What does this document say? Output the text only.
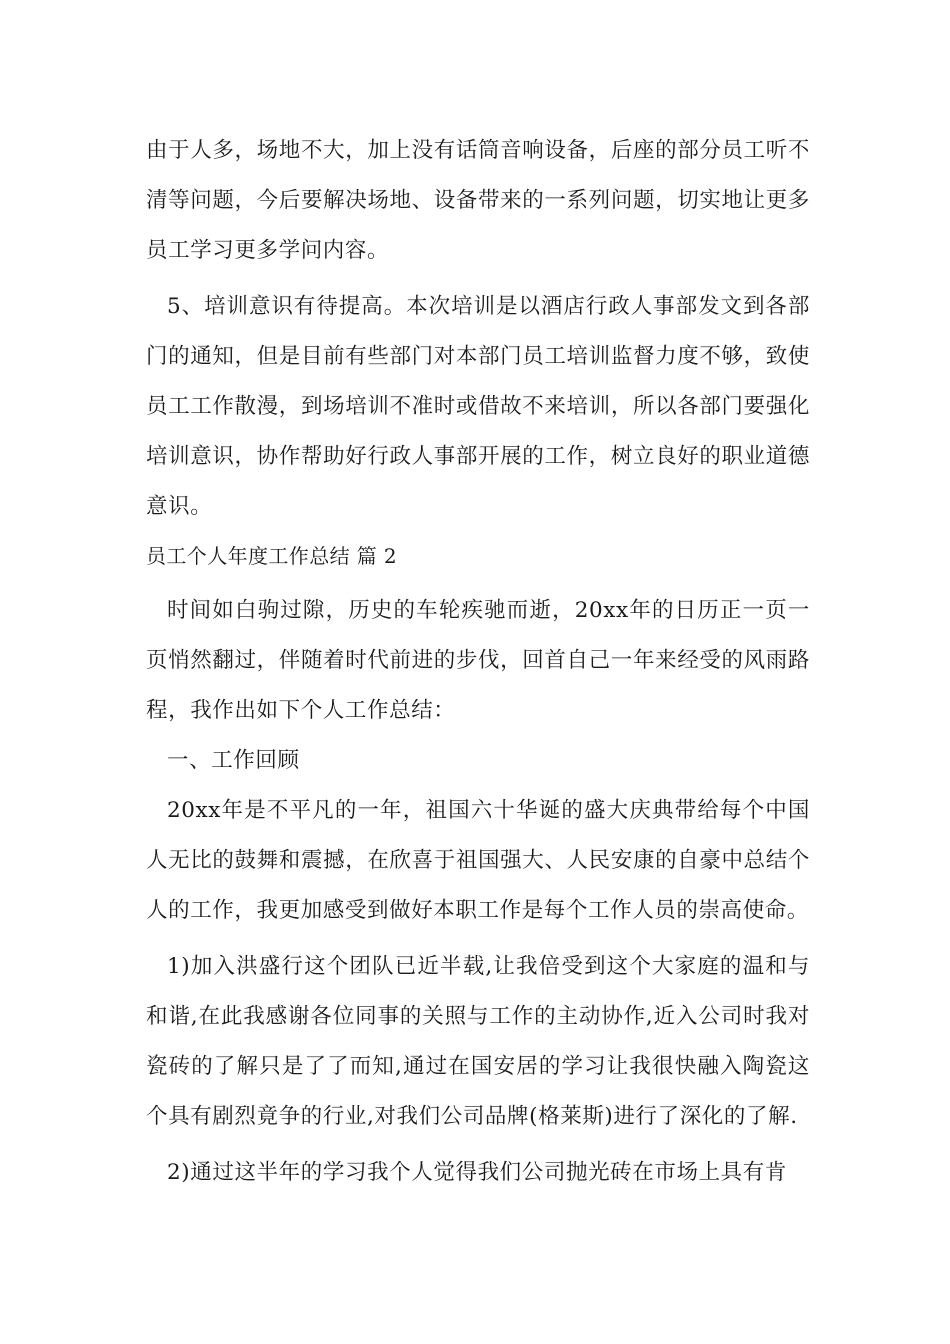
由于人多，场地不大，加上没有话筒音响设备，后座的部分员工听不清等问题，今后要解决场地、设备带来的一系列问题，切实地让更多员工学习更多学问内容。

5、培训意识有待提高。本次培训是以酒店行政人事部发文到各部门的通知，但是目前有些部门对本部门员工培训监督力度不够，致使员工工作散漫，到场培训不准时或借故不来培训，所以各部门要强化培训意识，协作帮助好行政人事部开展的工作，树立良好的职业道德意识。

员工个人年度工作总结 篇 2

时间如白驹过隙，历史的车轮疾驰而逝，20xx年的日历正一页一页悄然翻过，伴随着时代前进的步伐，回首自己一年来经受的风雨路程，我作出如下个人工作总结：

一、工作回顾

20xx年是不平凡的一年，祖国六十华诞的盛大庆典带给每个中国人无比的鼓舞和震撼，在欣喜于祖国强大、人民安康的自豪中总结个人的工作，我更加感受到做好本职工作是每个工作人员的崇高使命。

1)加入洪盛行这个团队已近半载,让我倍受到这个大家庭的温和与和谐,在此我感谢各位同事的关照与工作的主动协作,近入公司时我对瓷砖的了解只是了了而知,通过在国安居的学习让我很快融入陶瓷这个具有剧烈竟争的行业,对我们公司品牌(格莱斯)进行了深化的了解.

2)通过这半年的学习我个人觉得我们公司抛光砖在市场上具有肯
